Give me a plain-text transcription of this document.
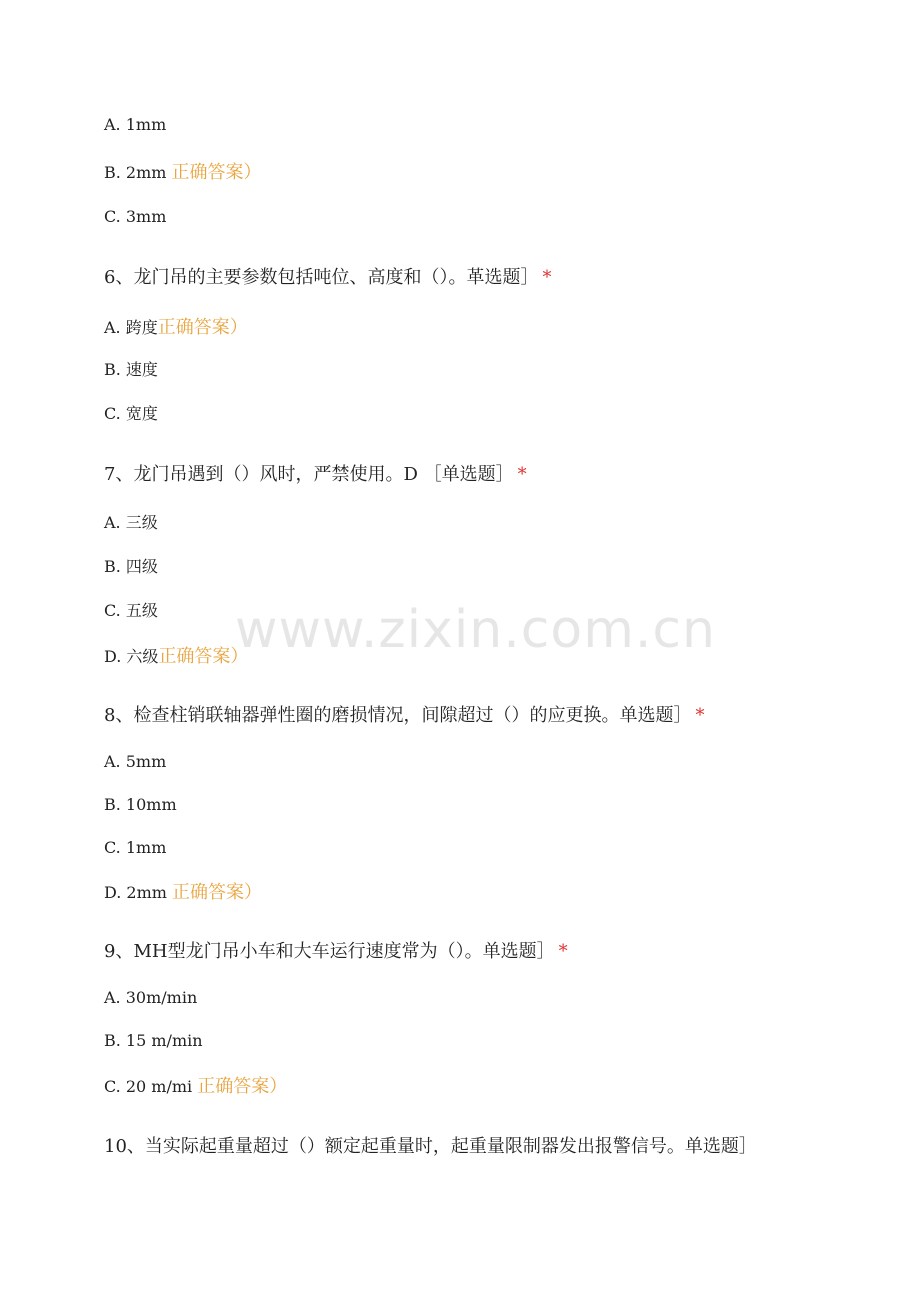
A. 1mm
B. 2mm 正确答案）
C. 3mm
6、龙门吊的主要参数包括吨位、高度和（）。革选题］ *
A. 跨度正确答案）
B. 速度
C. 宽度
7、龙门吊遇到（）风时，严禁使用。D ［单选题］ *
A. 三级
B. 四级
C. 五级
D. 六级正确答案）
8、检查柱销联轴器弹性圈的磨损情况，间隙超过（）的应更换。单选题］ *
A. 5mm
B. 10mm
C. 1mm
D. 2mm 正确答案）
9、MH型龙门吊小车和大车运行速度常为（）。单选题］ *
A. 30m/min
B. 15 m/min
C. 20 m/mi 正确答案）
10、当实际起重量超过（）额定起重量时，起重量限制器发出报警信号。单选题］
www.zixin.com.cn
